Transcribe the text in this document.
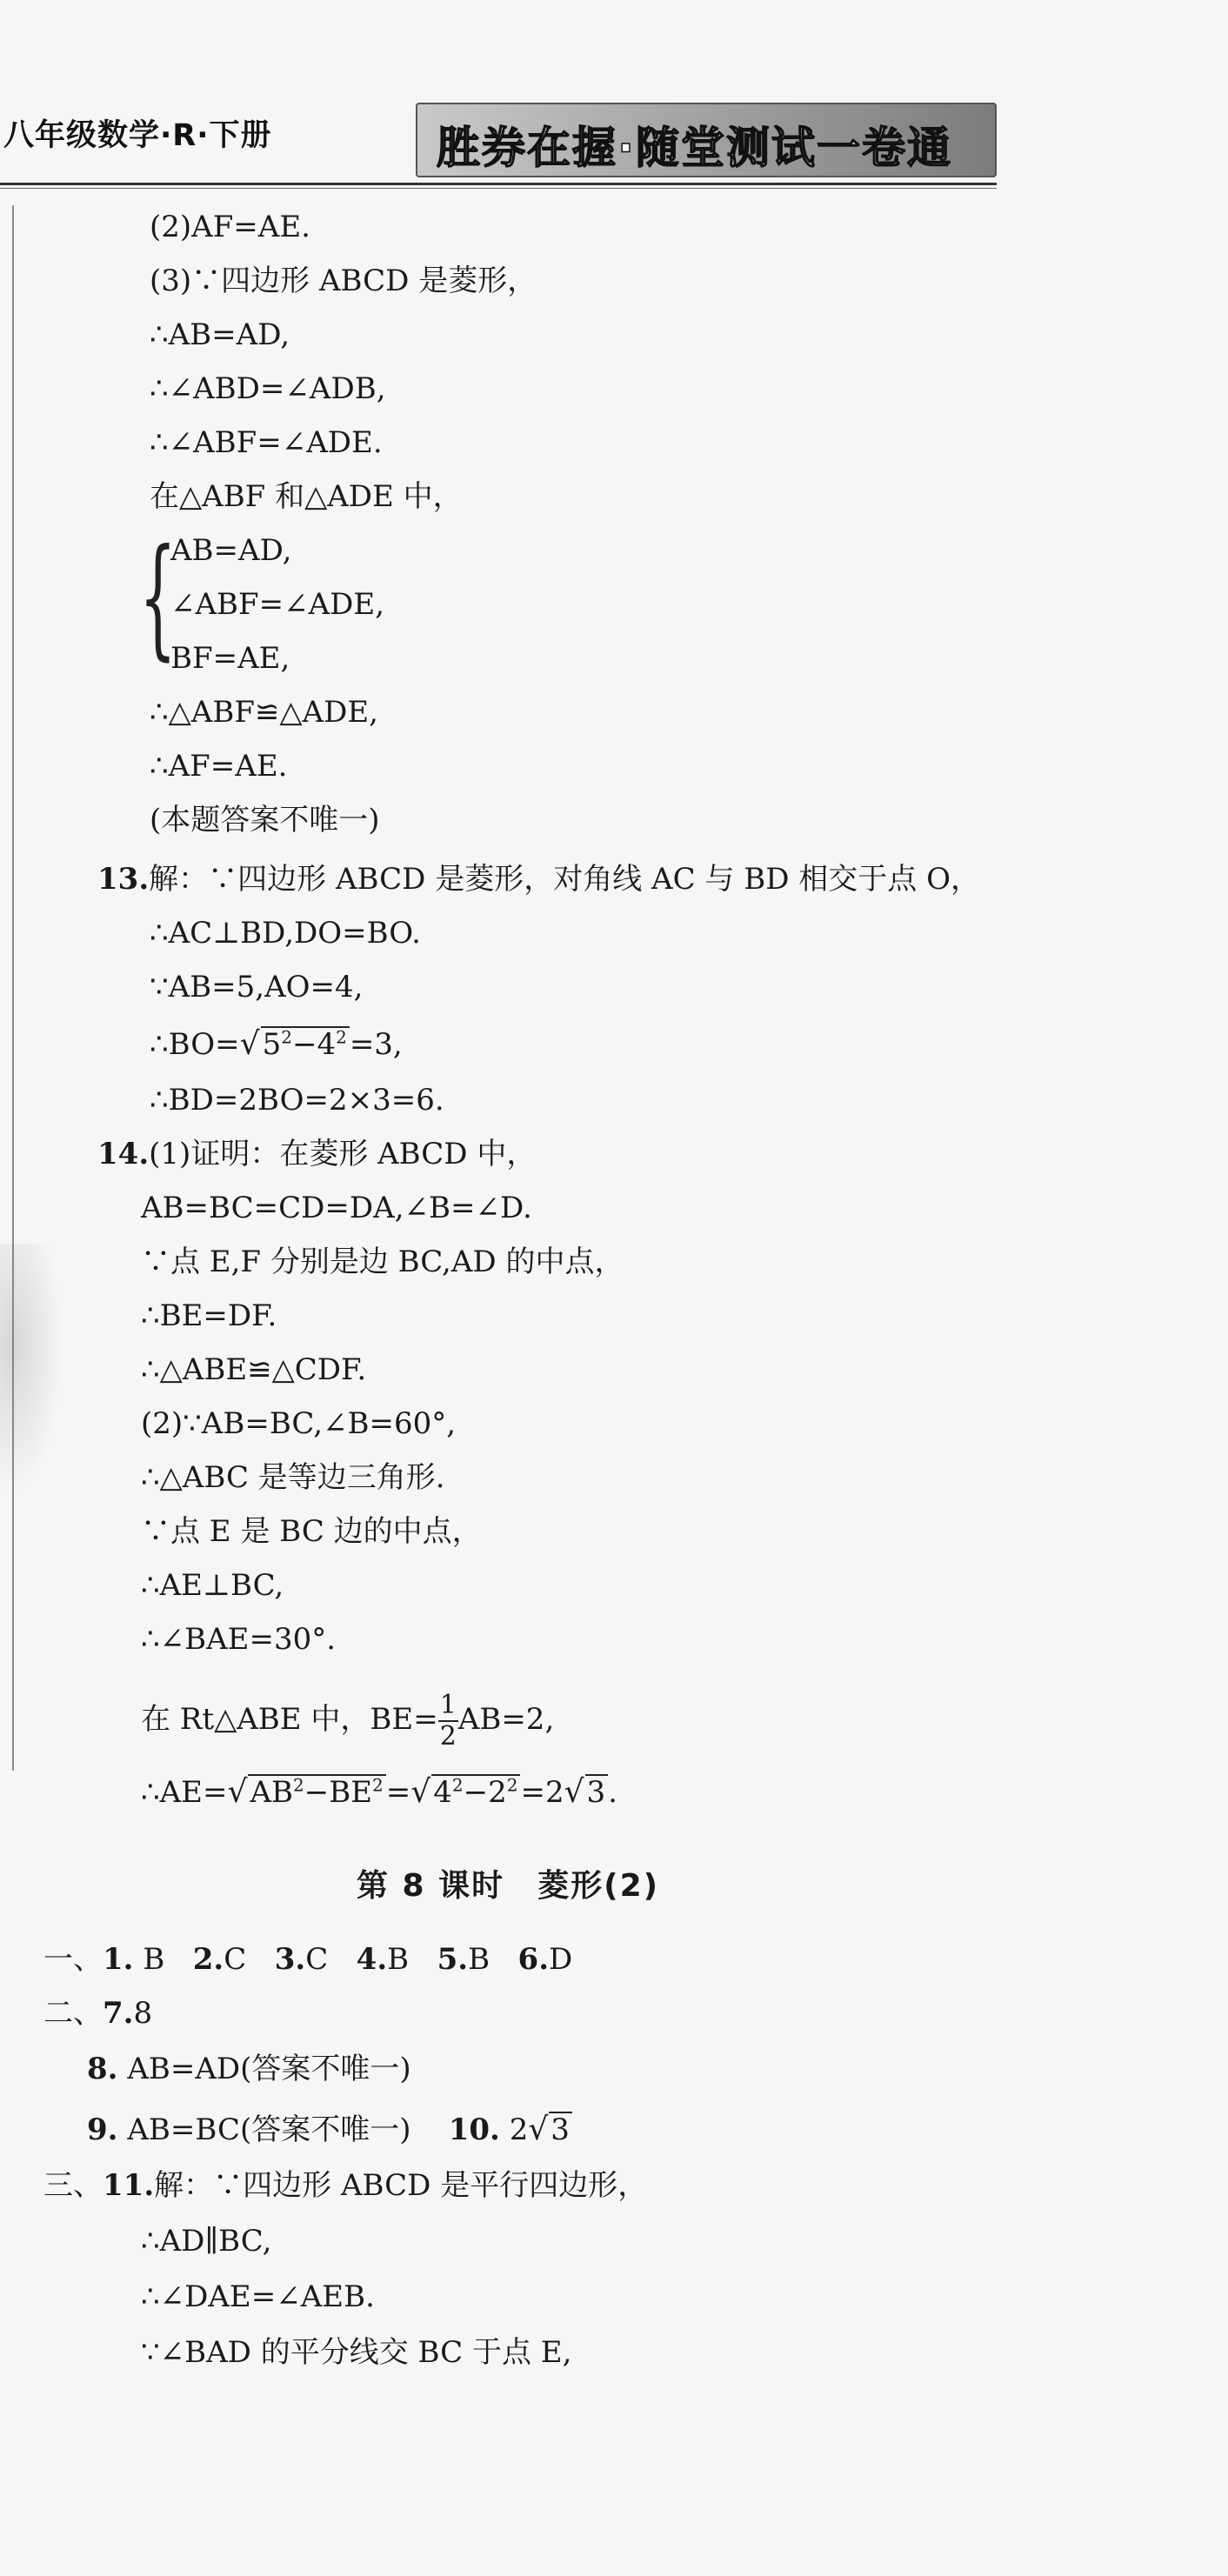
八年级数学·R·下册	胜券在握·随堂测试一卷通
(2)AF=AE.
(3)∵四边形 ABCD 是菱形，
∴AB=AD,
∴∠ABD=∠ADB,
∴∠ABF=∠ADE.
在△ABF 和△ADE 中，
{
AB=AD,
∠ABF=∠ADE,
BF=AE,
∴△ABF≌△ADE,
∴AF=AE.
(本题答案不唯一)
13.解：∵四边形 ABCD 是菱形，对角线 AC 与 BD 相交于点 O，
∴AC⊥BD,DO=BO.
∵AB=5,AO=4,
$\therefore BO=√5^2-4^2=3$,
∴BD=2BO=2×3=6.
14.(1)证明：在菱形 ABCD 中，
AB=BC=CD=DA,∠B=∠D.
∵点 E,F 分别是边 BC,AD 的中点，
∴BE=DF.
∴△ABE≌△CDF.
(2)∵AB=BC,∠B=60°,
∴△ABC 是等边三角形.
∵点 E 是 BC 边的中点，
∴AE⊥BC,
∴∠BAE=30°.
在 Rt△ABE 中，$BE= \frac{1}{2} AB=2$,
$\therefore AE=√AB^2-BE^2=√4^2-2^2=2√3$.
第 8 课时　菱形(2)
一、1. B 2.C 3.C 4.B 5.B 6.D
二、7.8
8. AB=AD(答案不唯一)
9. AB=BC(答案不唯一) 10. 2√3
三、11.解：∵四边形 ABCD 是平行四边形，
∴AD∥BC,
∴∠DAE=∠AEB.
∵∠BAD 的平分线交 BC 于点 E,
